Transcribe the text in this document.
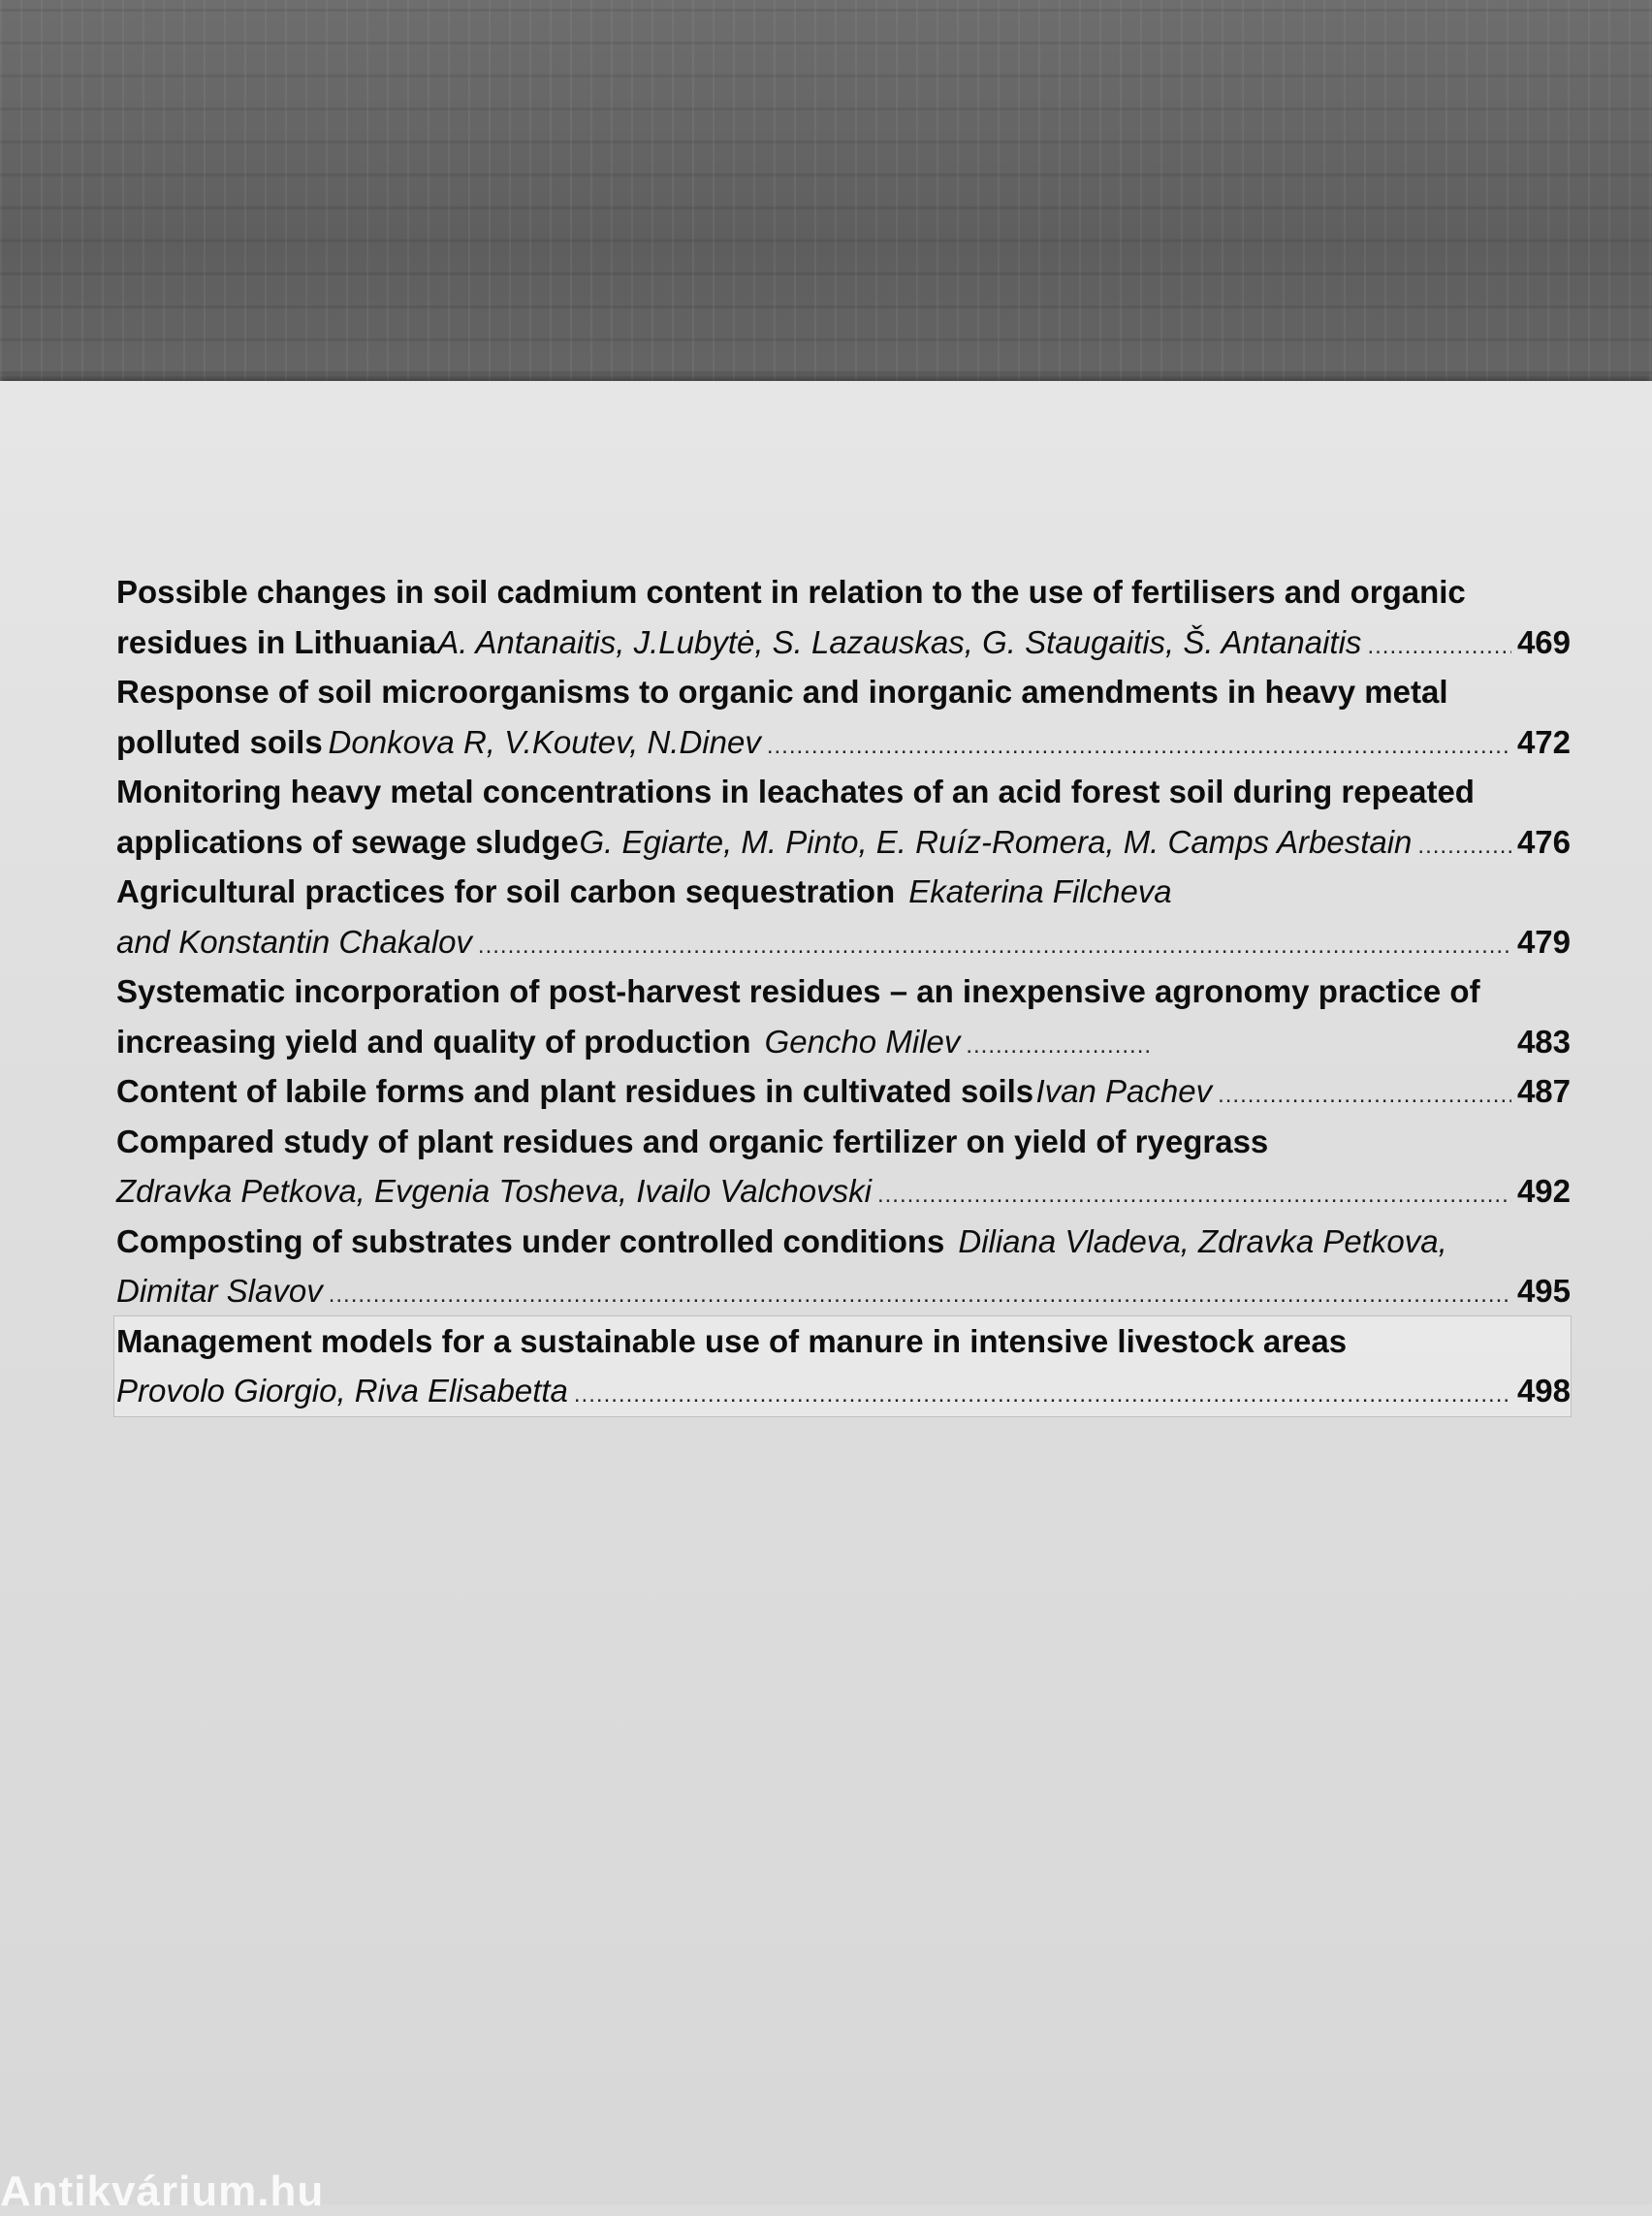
Possible changes in soil cadmium content in relation to the use of fertilisers and organic
residues in Lithuania A. Antanaitis, J.Lubytė, S. Lazauskas, G. Staugaitis, Š. Antanaitis .....	469
Response of soil microorganisms to organic and inorganic amendments in heavy metal
polluted soils Donkova R, V.Koutev, N.Dinev .....	472
Monitoring heavy metal concentrations in leachates of an acid forest soil during repeated
applications of sewage sludge G. Egiarte, M. Pinto, E. Ruíz-Romera, M. Camps Arbestain .....	476
Agricultural practices for soil carbon sequestration Ekaterina Filcheva
and Konstantin Chakalov .....	479
Systematic incorporation of post-harvest residues – an inexpensive agronomy practice of
increasing yield and quality of production Gencho Milev .....	483
Content of labile forms and plant residues in cultivated soils Ivan Pachev .....	487
Compared study of plant residues and organic fertilizer on yield of ryegrass
Zdravka Petkova, Evgenia Tosheva, Ivailo Valchovski .....	492
Composting of substrates under controlled conditions Diliana Vladeva, Zdravka Petkova,
Dimitar Slavov .....	495
Management models for a sustainable use of manure in intensive livestock areas
Provolo Giorgio, Riva Elisabetta .....	498
Antikvárium.hu
